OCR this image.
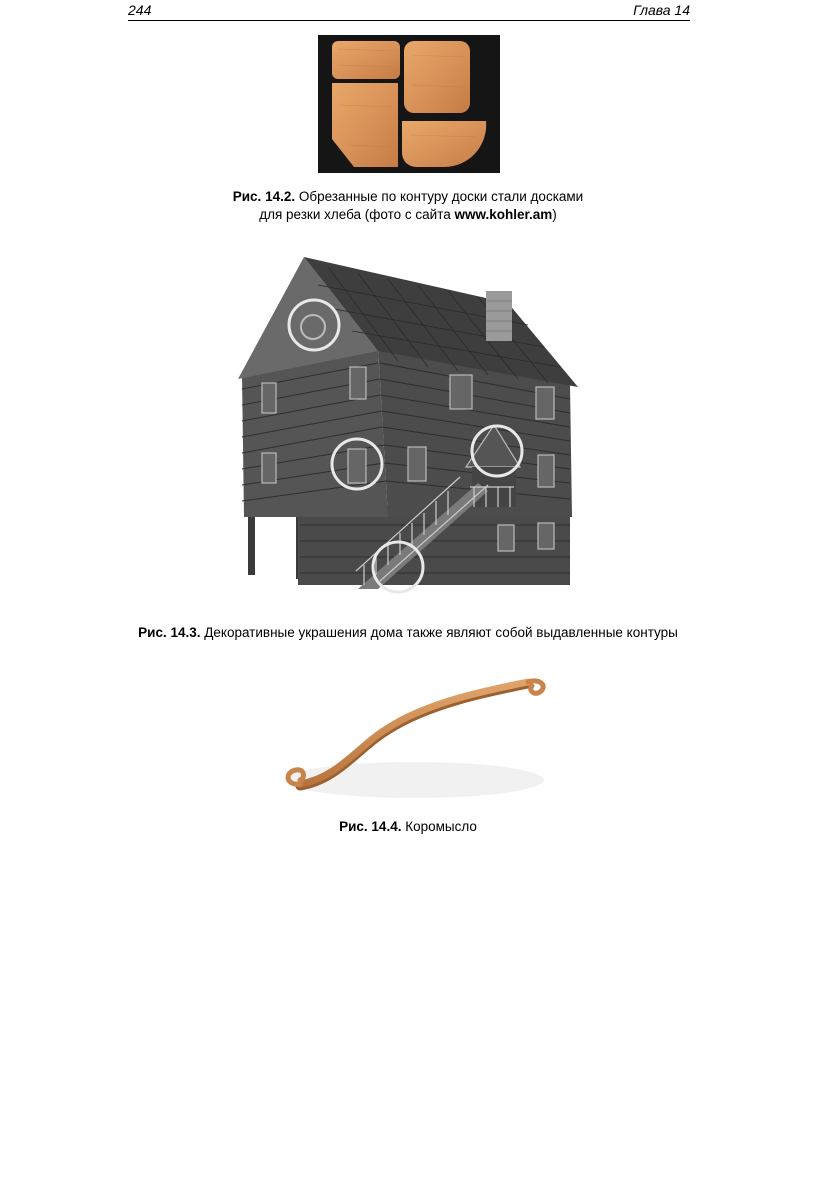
244	Глава 14
Рис. 14.2. Обрезанные по контуру доски стали досками
для резки хлеба (фото с сайта www.kohler.am)
Рис. 14.3. Декоративные украшения дома также являют собой выдавленные контуры
Рис. 14.4. Коромысло
